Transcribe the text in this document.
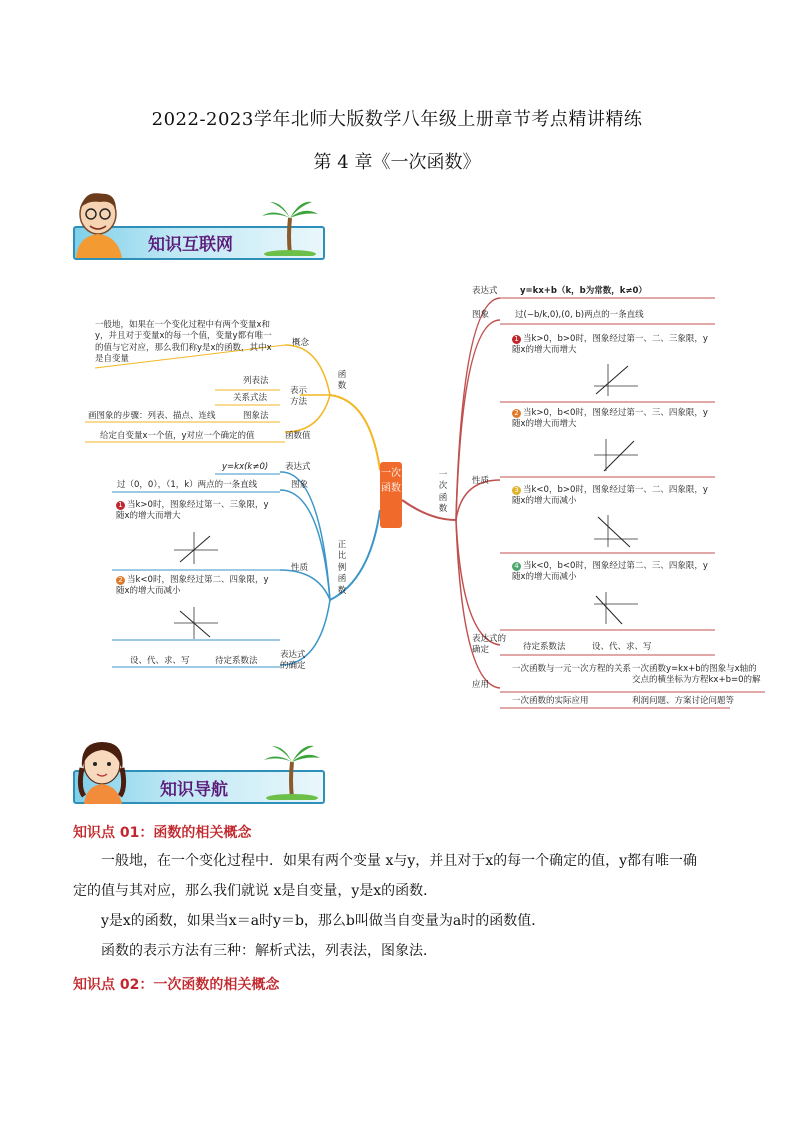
2022-2023学年北师大版数学八年级上册章节考点精讲精练
第 4 章《一次函数》
知识互联网
一次函数
函数
概念
一般地，如果在一个变化过程中有两个变量x和y，并且对于变量x的每一个值，变量y都有唯一的值与它对应，那么我们称y是x的函数，其中x是自变量
表示方法
列表法
关系式法
图象法
画图象的步骤：列表、描点、连线
函数值
给定自变量x一个值，y对应一个确定的值
正比例函数
表达式
y=kx(k≠0)
图象
过（0，0），（1，k）两点的一条直线
性质
1 当k>0时，图象经过第一、三象限，y随x的增大而增大
2 当k<0时，图象经过第二、四象限，y随x的增大而减小
表达式的确定
待定系数法
设、代、求、写
一次函数
表达式	y=kx+b（k，b为常数，k≠0）
图象	过(−b/k,0),(0, b)两点的一条直线
性质
1 当k>0，b>0时，图象经过第一、二、三象限，y随x的增大而增大
2 当k>0，b<0时，图象经过第一、三、四象限，y随x的增大而增大
3 当k<0，b>0时，图象经过第一、二、四象限，y随x的增大而减小
4 当k<0，b<0时，图象经过第二、三、四象限，y随x的增大而减小
表达式的确定	待定系数法	设、代、求、写
应用
一次函数与一元一次方程的关系 一次函数y=kx+b的图象与x轴的交点的横坐标为方程kx+b=0的解
一次函数的实际应用	利润问题、方案讨论问题等
知识导航
知识点 01：函数的相关概念
一般地，在一个变化过程中．如果有两个变量 x与y，并且对于x的每一个确定的值，y都有唯一确
定的值与其对应，那么我们就说 x是自变量，y是x的函数．
y是x的函数，如果当x＝a时y＝b，那么b叫做当自变量为a时的函数值．
函数的表示方法有三种：解析式法，列表法，图象法．
知识点 02：一次函数的相关概念
